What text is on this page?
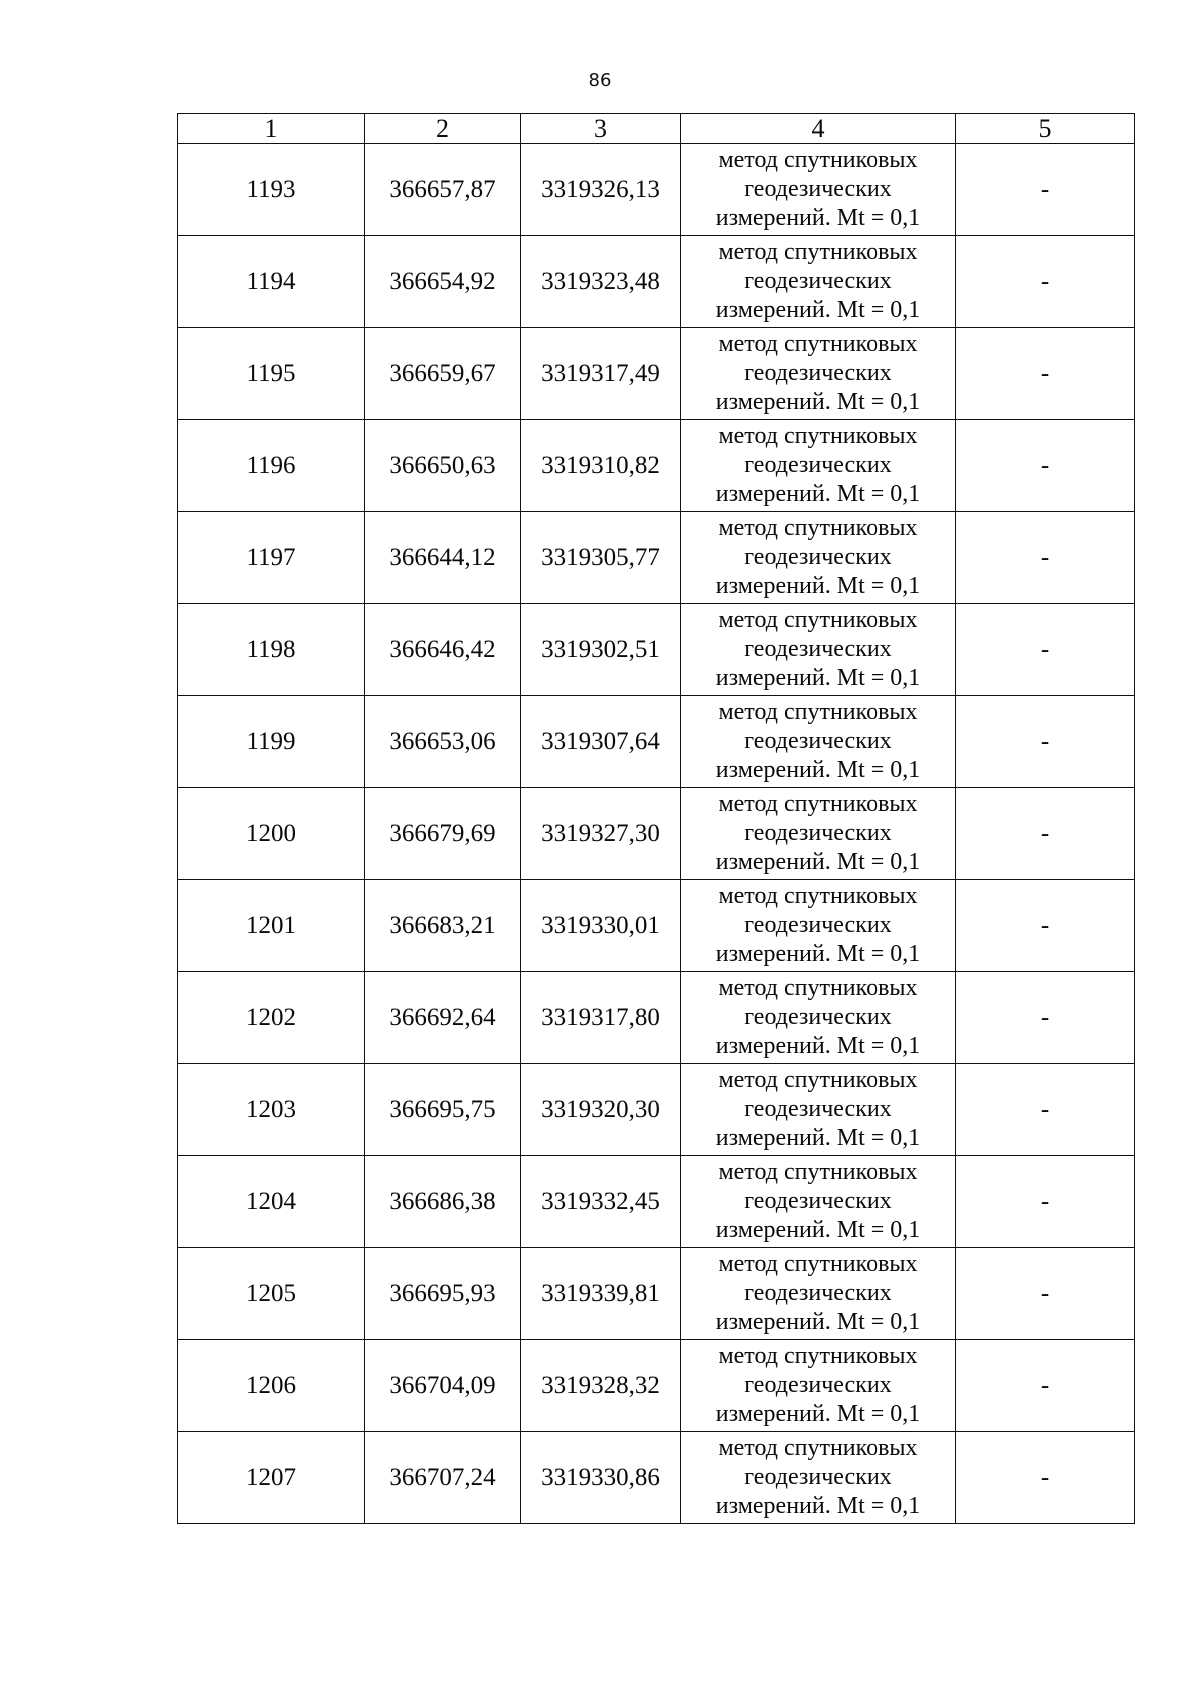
86
1	2	3	4	5
1193	366657,87	3319326,13	метод спутниковых
геодезических
измерений. Mt = 0,1	-
1194	366654,92	3319323,48	метод спутниковых
геодезических
измерений. Mt = 0,1	-
1195	366659,67	3319317,49	метод спутниковых
геодезических
измерений. Mt = 0,1	-
1196	366650,63	3319310,82	метод спутниковых
геодезических
измерений. Mt = 0,1	-
1197	366644,12	3319305,77	метод спутниковых
геодезических
измерений. Mt = 0,1	-
1198	366646,42	3319302,51	метод спутниковых
геодезических
измерений. Mt = 0,1	-
1199	366653,06	3319307,64	метод спутниковых
геодезических
измерений. Mt = 0,1	-
1200	366679,69	3319327,30	метод спутниковых
геодезических
измерений. Mt = 0,1	-
1201	366683,21	3319330,01	метод спутниковых
геодезических
измерений. Mt = 0,1	-
1202	366692,64	3319317,80	метод спутниковых
геодезических
измерений. Mt = 0,1	-
1203	366695,75	3319320,30	метод спутниковых
геодезических
измерений. Mt = 0,1	-
1204	366686,38	3319332,45	метод спутниковых
геодезических
измерений. Mt = 0,1	-
1205	366695,93	3319339,81	метод спутниковых
геодезических
измерений. Mt = 0,1	-
1206	366704,09	3319328,32	метод спутниковых
геодезических
измерений. Mt = 0,1	-
1207	366707,24	3319330,86	метод спутниковых
геодезических
измерений. Mt = 0,1	-
